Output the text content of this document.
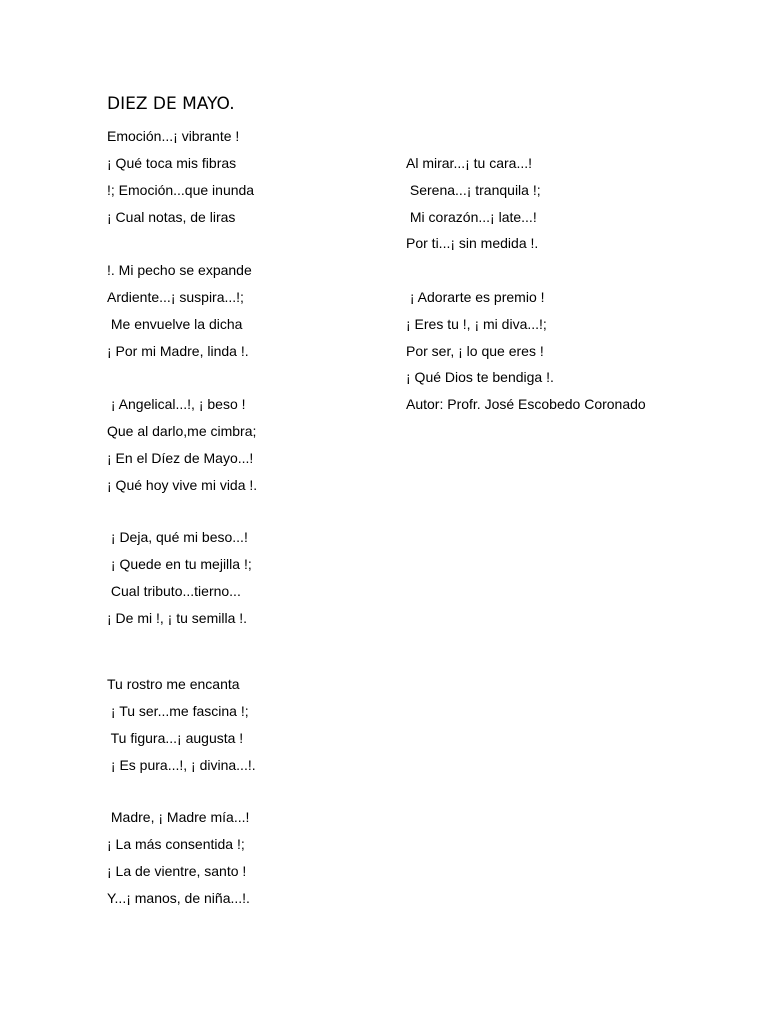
DIEZ DE MAYO.
Emoción...¡ vibrante !
¡ Qué toca mis fibras
!; Emoción...que inunda
¡ Cual notas, de liras
!. Mi pecho se expande
Ardiente...¡ suspira...!;
Me envuelve la dicha
¡ Por mi Madre, linda !.
¡ Angelical...!, ¡ beso !
Que al darlo,me cimbra;
¡ En el Díez de Mayo...!
¡ Qué hoy vive mi vida !.
¡ Deja, qué mi beso...!
¡ Quede en tu mejilla !;
Cual tributo...tierno...
¡ De mi !, ¡ tu semilla !.
Tu rostro me encanta
¡ Tu ser...me fascina !;
Tu figura...¡ augusta !
¡ Es pura...!, ¡ divina...!.
Madre, ¡ Madre mía...!
¡ La más consentida !;
¡ La de vientre, santo !
Y...¡ manos, de niña...!.
Al mirar...¡ tu cara...!
Serena...¡ tranquila !;
Mi corazón...¡ late...!
Por ti...¡ sin medida !.
¡ Adorarte es premio !
¡ Eres tu !, ¡ mi diva...!;
Por ser, ¡ lo que eres !
¡ Qué Dios te bendiga !.
Autor: Profr. José Escobedo Coronado
